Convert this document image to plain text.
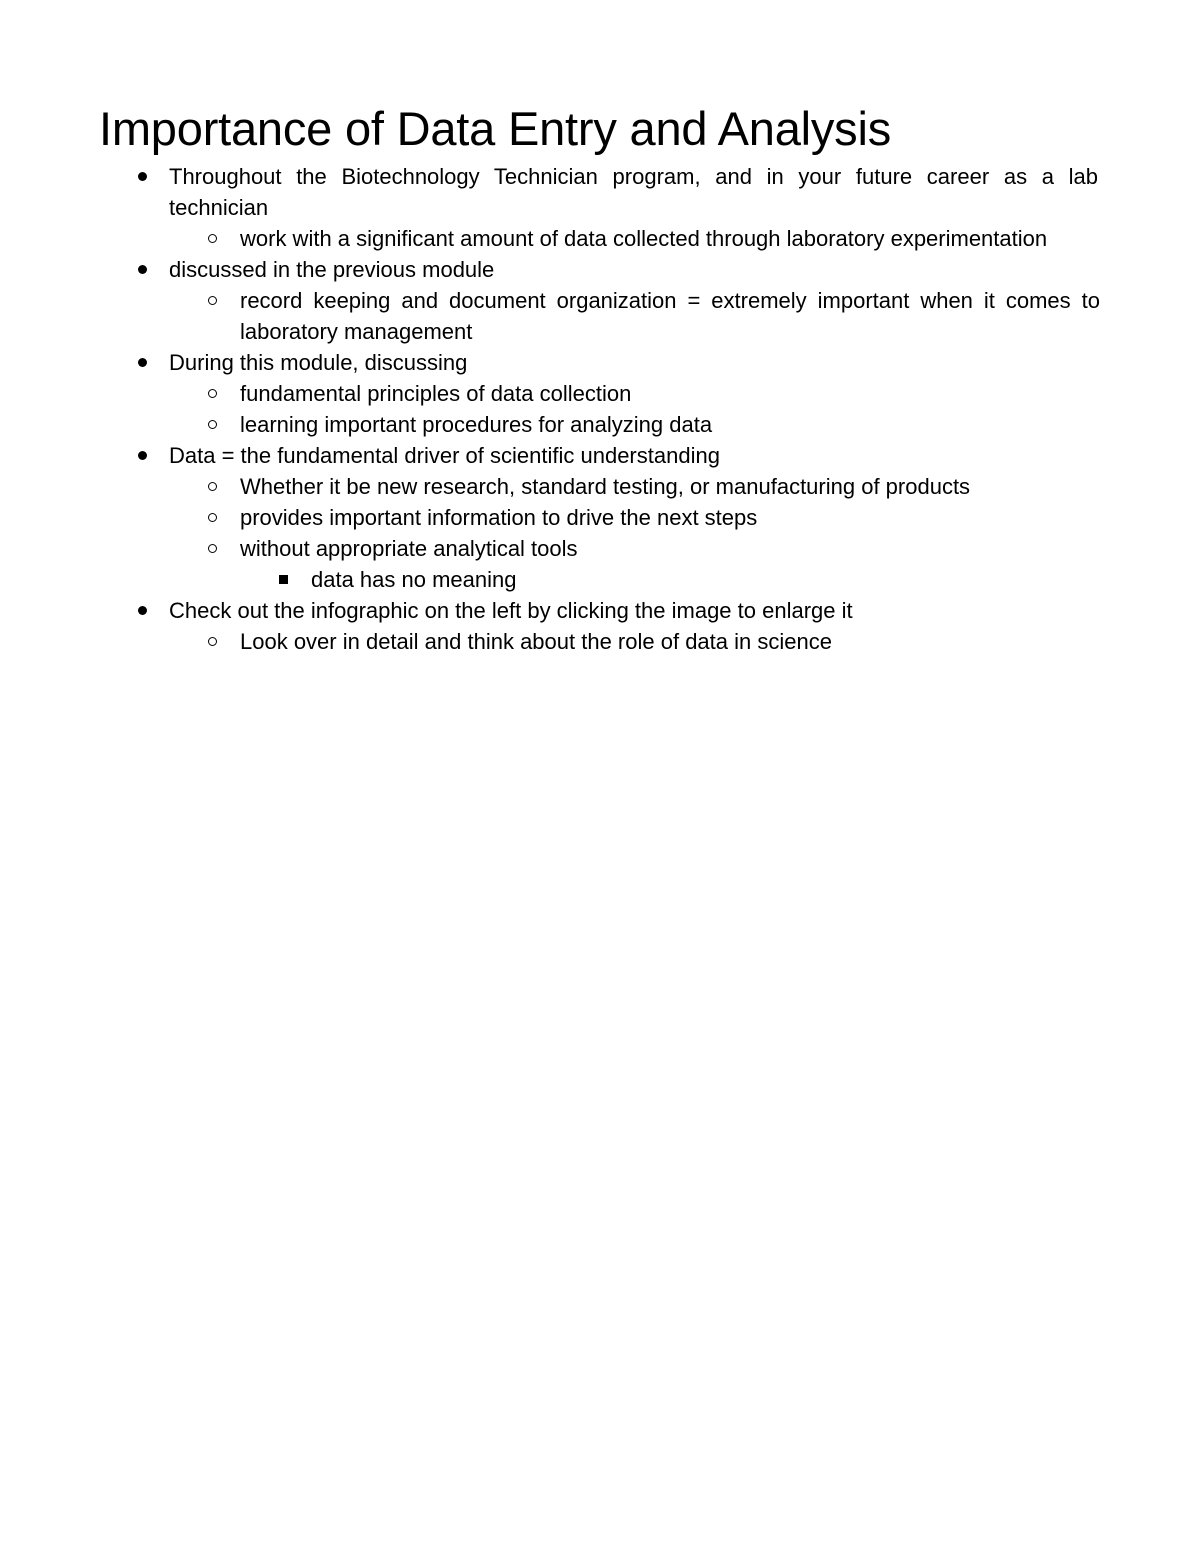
Importance of Data Entry and Analysis
Throughout the Biotechnology Technician program, and in your future career as a lab technician
work with a significant amount of data collected through laboratory experimentation
discussed in the previous module
record keeping and document organization = extremely important when it comes to laboratory management
During this module, discussing
fundamental principles of data collection
learning important procedures for analyzing data
Data = the fundamental driver of scientific understanding
Whether it be new research, standard testing, or manufacturing of products
provides important information to drive the next steps
without appropriate analytical tools
data has no meaning
Check out the infographic on the left by clicking the image to enlarge it
Look over in detail and think about the role of data in science
